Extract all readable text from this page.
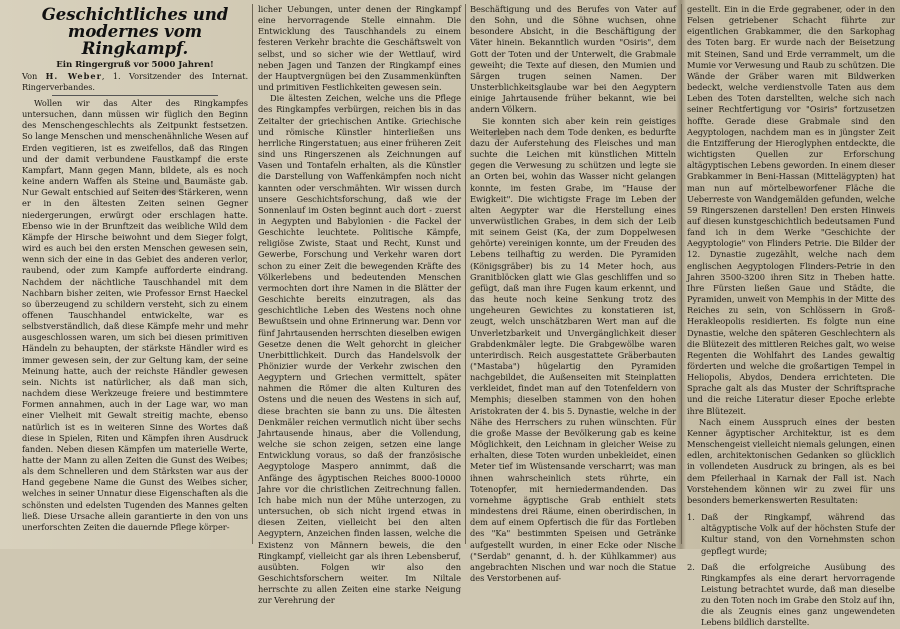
Geschichtliches und modernes vom Ringkampf.
Ein Ringergruß vor 5000 Jahren!
Von H. Weber, 1. Vorsitzender des Internat. Ringerverbandes.

Wollen wir das Alter des Ringkampfes untersuchen, dann müssen wir füglich den Beginn des Menschengeschlechts als Zeitpunkt festsetzen. So lange Menschen und menschenähnliche Wesen auf Erden vegitieren, ist es zweifellos, daß das Ringen und der damit verbundene Faustkampf die erste Kampfart, Mann gegen Mann, bildete, als es noch keine andern Waffen als Steine und Baumäste gab. Nur Gewalt entschied auf Seiten des Stärkeren, wenn er in den ältesten Zeiten seinen Gegner niedergerungen, erwürgt oder erschlagen hatte. Ebenso wie in der Brunftzeit das weibliche Wild dem Kämpfe der Hirsche beiwohnt und dem Sieger folgt, wird es auch bei den ersten Menschen gewesen sein, wenn sich der eine in das Gebiet des anderen verlor, raubend, oder zum Kampfe aufforderte eindrang. Nachdem der nächtliche Tauschhandel mit dem Nachbarn bisher zeiten, wie Professor Ernst Haeckel so überzeugend zu schildern versteht, sich zu einem offenen Tauschhandel entwickelte, war es selbstverständlich, daß diese Kämpfe mehr und mehr ausgeschlossen waren, um sich bei diesen primitiven Händeln zu behaupten, der stärkste Händler wird es immer gewesen sein, der zur Geltung kam, der seine Meinung hatte, auch der reichste Händler gewesen sein. Nichts ist natürlicher, als daß man sich, nachdem diese Werkzeuge freiere und bestimmtere Formen annahmen, auch in der Lage war, wo man einer Vielheit mit Gewalt streitig machte, ebenso natürlich ist es in weiteren Sinne des Wortes daß diese in Spielen, Riten und Kämpfen ihren Ausdruck fanden. Neben diesen Kämpfen um materielle Werte, hatte der Mann zu allen Zeiten die Gunst des Weibes; als dem Schnelleren und dem Stärksten war aus der Hand gegebene Name die Gunst des Weibes sicher, welches in seiner Unnatur diese Eigenschaften als die schönsten und edelsten Tugenden des Mannes gelten ließ. Diese Ursache allein garantierte in den von uns unerforschten Zeiten die dauernde Pflege körper-

licher Uebungen, unter denen der Ringkampf eine hervorragende Stelle einnahm. Die Entwicklung des Tauschhandels zu einem festeren Verkehr brachte die Geschäftswelt von selbst, und so sicher wie der Wettlauf, wird neben Jagen und Tanzen der Ringkampf eines der Hauptvergnügen bei den Zusammenkünften und primitiven Festlichkeiten gewesen sein.

Die ältesten Zeichen, welche uns die Pflege des Ringkampfes verbürgen, reichen bis in das Zeitalter der griechischen Antike. Griechische und römische Künstler hinterließen uns herrliche Ringerstatuen; aus einer früheren Zeit sind uns Ringerszenen als Zeichnungen auf Vasen und Tontafeln erhalten, als die Künstler die Darstellung von Waffenkämpfen noch nicht kannten oder verschmähten. Wir wissen durch unsere Geschichtsforschung, daß wie der Sonnenlauf im Osten beginnt auch dort - zuerst in Aegypten und Babylonien - die Fackel der Geschichte leuchtete. Politische Kämpfe, religiöse Zwiste, Staat und Recht, Kunst und Gewerbe, Forschung und Verkehr waren dort schon zu einer Zeit die bewegenden Kräfte des Völkerlebens und bedeutenden Menschen vermochten dort ihre Namen in die Blätter der Geschichte bereits einzutragen, als das geschichtliche Leben des Westens noch ohne Bewußtsein und ohne Erinnerung war. Denn vor fünf Jahrtausenden herrschten dieselben ewigen Gesetze denen die Welt gehorcht in gleicher Unerbittlichkeit. Durch das Handelsvolk der Phönizier wurde der Verkehr zwischen den Aegyptern und Griechen vermittelt, später nahmen die Römer die alten Kulturen des Ostens und die neuen des Westens in sich auf, diese brachten sie bann zu uns. Die ältesten Denkmäler reichen vermutlich nicht über sechs Jahrtausende hinaus, aber die Vollendung, welche sie schon zeigen, setzen eine lange Entwicklung voraus, so daß der französische Aegyptologe Maspero annimmt, daß die Anfänge des ägyptischen Reiches 8000-10000 Jahre vor die christlichen Zeitrechnung fallen. Ich habe mich nun der Mühe unterzogen, zu untersuchen, ob sich nicht irgend etwas in diesen Zeiten, vielleicht bei den alten Aegyptern, Anzeichen finden lassen, welche die Existenz von Männern beweis, die den Ringkampf, vielleicht gar als ihren Lebensberuf, ausübten. Folgen wir also den Geschichtsforschern weiter. Im Niltale herrschte zu allen Zeiten eine starke Neigung zur Verehrung der

Beschäftigung und des Berufes von Vater auf den Sohn, und die Söhne wuchsen, ohne besondere Absicht, in die Beschäftigung der Väter hinein. Bekanntlich wurden "Osiris", dem Gott der Toten und der Unterwelt, die Grabmale geweiht; die Texte auf diesen, den Mumien und Särgen trugen seinen Namen. Der Unsterblichkeitsglaube war bei den Aegyptern einige Jahrtausende früher bekannt, wie bei andern Völkern.

Sie konnten sich aber kein rein geistiges Weiterleben nach dem Tode denken, es bedurfte dazu der Auferstehung des Fleisches und man suchte die Leichen mit künstlichen Mitteln gegen die Verwesung zu schützen und legte sie an Orten bei, wohin das Wasser nicht gelangen konnte, im festen Grabe, im "Hause der Ewigkeit". Die wichtigste Frage im Leben der alten Aegypter war die Herstellung eines unverwüstlichen Grabes, in dem sich der Leib mit seinem Geist (Ka, der zum Doppelwesen gehörte) vereinigen konnte, um der Freuden des Lebens teilhaftig zu werden. Die Pyramiden (Königsgräber) bis zu 14 Meter hoch, aus Granitblöcken glatt wie Glas geschliffen und so gefügt, daß man ihre Fugen kaum erkennt, und das heute noch keine Senkung trotz des ungeheuren Gewichtes zu konstatieren ist, zeugt, welch unschätzbaren Wert man auf die Unverletzbarkeit und Unvergänglichkeit dieser Grabdenkmäler legte. Die Grabgewölbe waren unterirdisch. Reich ausgestattete Gräberbauten ("Mastaba") hügelartig den Pyramiden nachgebildet, die Außenseiten mit Steinplatten verkleidet, findet man auf den Totenfeldern von Memphis; dieselben stammen von den hohen Aristokraten der 4. bis 5. Dynastie, welche in der Nähe des Herrschers zu ruhen wünschten. Für die große Masse der Bevölkerung gab es keine Möglichkeit, den Leichnam in gleicher Weise zu erhalten, diese Toten wurden unbekleidet, einen Meter tief im Wüstensande verscharrt; was man ihnen wahrscheinlich stets rührte, ein Totenopfer, mit herniedermandenden. Das vornehme ägyptische Grab enthielt stets mindestens drei Räume, einen oberirdischen, in dem auf einem Opfertisch die für das Fortleben des "Ka" bestimmten Speisen und Getränke aufgestellt wurden, in einer Ecke oder Nische ("Serdab" genannt, d. h. der Kühlkammer) aus angebrachten Nischen und war noch die Statue des Verstorbenen auf-

gestellt. Ein in die Erde gegrabener, oder in den Felsen getriebener Schacht führte zur eigentlichen Grabkammer, die den Sarkophag des Toten barg. Er wurde nach der Beisetzung mit Steinen, Sand und Erde verrammelt, um die Mumie vor Verwesung und Raub zu schützen. Die Wände der Gräber waren mit Bildwerken bedeckt, welche verdienstvolle Taten aus dem Leben des Toten darstellten, welche sich nach seiner Rechtfertigung vor "Osiris" fortzusetzen hoffte. Gerade diese Grabmale sind den Aegyptologen, nachdem man es in jüngster Zeit die Entzifferung der Hieroglyphen entdeckte, die wichtigsten Quellen zur Erforschung altägyptischen Lebens geworden. In einem dieser Grabkammer in Beni-Hassan (Mittelägypten) hat man nun auf mörtelbeworfener Fläche die Ueberreste von Wandgemälden gefunden, welche 59 Ringerszenen darstellen! Den ersten Hinweis auf diesen kunstgeschichtlich bedeutsamen Fund fand ich in dem Werke "Geschichte der Aegyptologie" von Flinders Petrie. Die Bilder der 12. Dynastie zugezählt, welche nach dem englischen Aegyptologen Flinders-Petrie in den Jahren 3500-3200 ihren Sitz in Theben hatte. Ihre Fürsten ließen Gaue und Städte, die Pyramiden, unweit von Memphis in der Mitte des Reiches zu sein, von Schlössern in Groß-Herakleopolis residierten. Es folgte nun eine Dynastie, welche den späteren Geschlechtern als die Blütezeit des mittleren Reiches galt, wo weise Regenten die Wohlfahrt des Landes gewaltig förderten und welche die großartigen Tempel in Heliopolis, Abydos, Dendera errichteten. Die Sprache galt als das Muster der Schriftsprache und die reiche Literatur dieser Epoche erlebte ihre Blütezeit.

Nach einem Ausspruch eines der besten Kenner ägyptischer Architektur, ist es dem Menschengeist vielleicht niemals gelungen, einen edlen, architektonischen Gedanken so glücklich in vollendeten Ausdruck zu bringen, als es bei dem Pfeilerhaal in Karnak der Fall ist. Nach Vorstehendem können wir zu zwei für uns besonders bemerkenswerten Resultaten:

1. Daß der Ringkampf, während das altägyptische Volk auf der höchsten Stufe der Kultur stand, von den Vornehmsten schon gepflegt wurde;
2. Daß die erfolgreiche Ausübung des Ringkampfes als eine derart hervorragende Leistung betrachtet wurde, daß man dieselbe zu den Toten noch im Grabe den Stolz auf ihn, die als Zeugnis eines ganz ungewendeten Lebens bildlich darstellte.
